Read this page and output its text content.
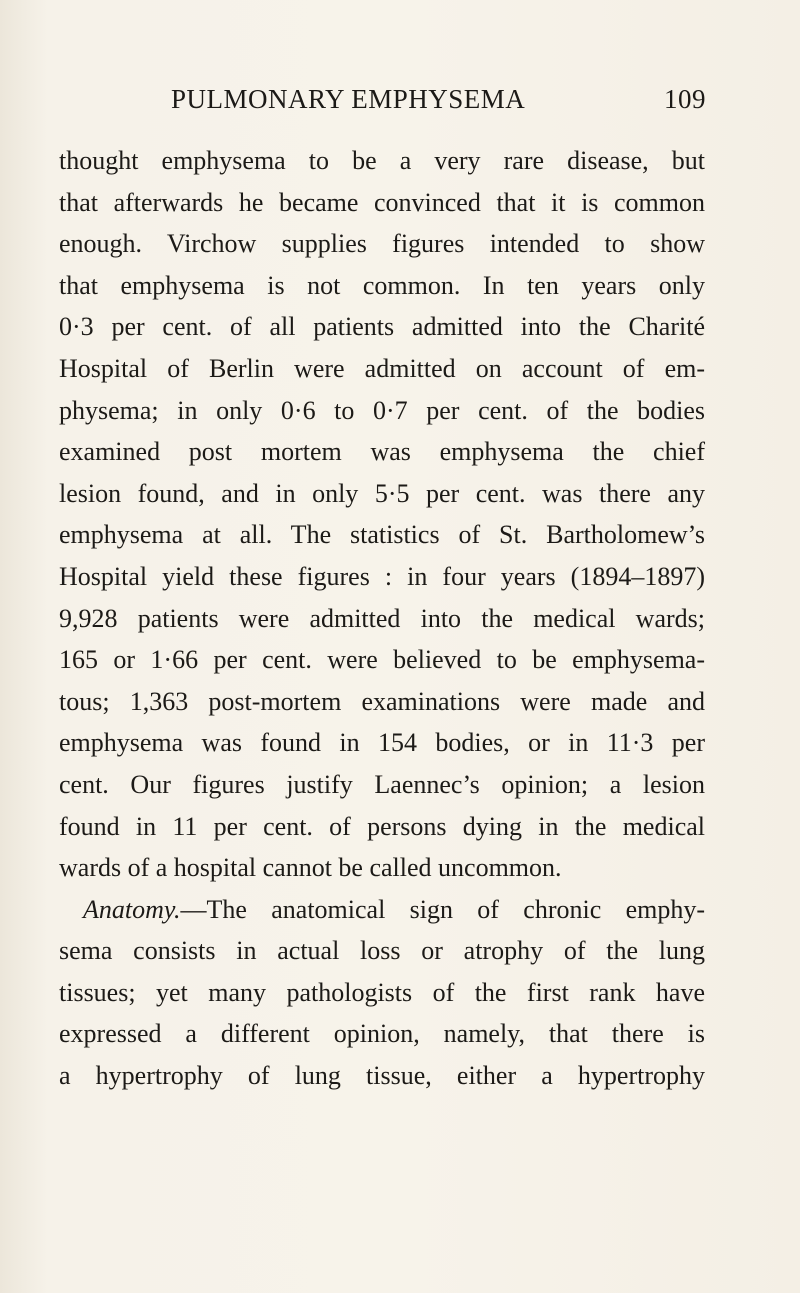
PULMONARY EMPHYSEMA	109
thought emphysema to be a very rare disease, but
that afterwards he became convinced that it is common
enough. Virchow supplies figures intended to show
that emphysema is not common. In ten years only
0·3 per cent. of all patients admitted into the Charité
Hospital of Berlin were admitted on account of em-
physema; in only 0·6 to 0·7 per cent. of the bodies
examined post mortem was emphysema the chief
lesion found, and in only 5·5 per cent. was there any
emphysema at all. The statistics of St. Bartholomew’s
Hospital yield these figures : in four years (1894–1897)
9,928 patients were admitted into the medical wards;
165 or 1·66 per cent. were believed to be emphysema-
tous; 1,363 post-mortem examinations were made and
emphysema was found in 154 bodies, or in 11·3 per
cent. Our figures justify Laennec’s opinion; a lesion
found in 11 per cent. of persons dying in the medical
wards of a hospital cannot be called uncommon.
Anatomy.—The anatomical sign of chronic emphy-
sema consists in actual loss or atrophy of the lung
tissues; yet many pathologists of the first rank have
expressed a different opinion, namely, that there is
a hypertrophy of lung tissue, either a hypertrophy
